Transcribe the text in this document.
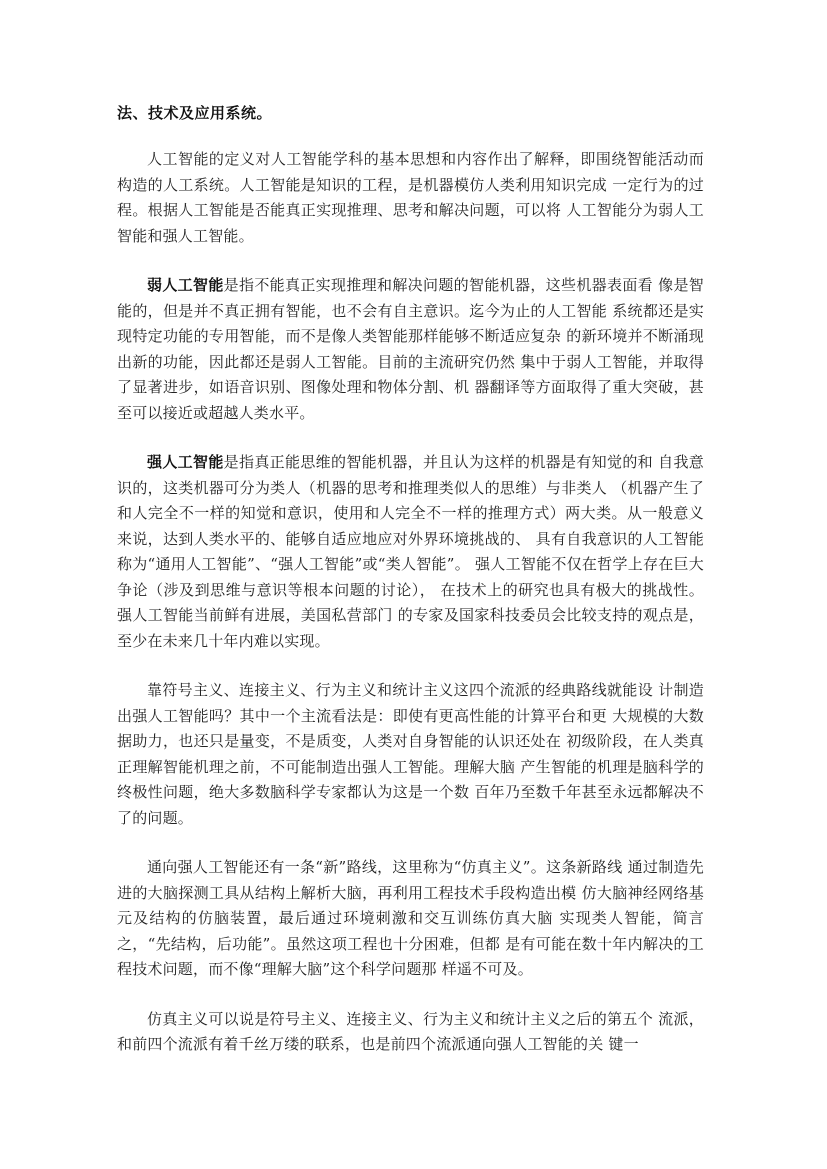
法、技术及应用系统。

人工智能的定义对人工智能学科的基本思想和内容作出了解释，即围绕智能活动而构造的人工系统。人工智能是知识的工程，是机器模仿人类利用知识完成 一定行为的过程。根据人工智能是否能真正实现推理、思考和解决问题，可以将 人工智能分为弱人工智能和强人工智能。

弱人工智能是指不能真正实现推理和解决问题的智能机器，这些机器表面看 像是智能的，但是并不真正拥有智能，也不会有自主意识。迄今为止的人工智能 系统都还是实现特定功能的专用智能，而不是像人类智能那样能够不断适应复杂 的新环境并不断涌现出新的功能，因此都还是弱人工智能。目前的主流研究仍然 集中于弱人工智能，并取得了显著进步，如语音识别、图像处理和物体分割、机 器翻译等方面取得了重大突破，甚至可以接近或超越人类水平。

强人工智能是指真正能思维的智能机器，并且认为这样的机器是有知觉的和 自我意识的，这类机器可分为类人（机器的思考和推理类似人的思维）与非类人 （机器产生了和人完全不一样的知觉和意识，使用和人完全不一样的推理方式）两大类。从一般意义来说，达到人类水平的、能够自适应地应对外界环境挑战的、 具有自我意识的人工智能称为“通用人工智能”、“强人工智能”或“类人智能”。 强人工智能不仅在哲学上存在巨大争论（涉及到思维与意识等根本问题的讨论）， 在技术上的研究也具有极大的挑战性。强人工智能当前鲜有进展，美国私营部门 的专家及国家科技委员会比较支持的观点是，至少在未来几十年内难以实现。

靠符号主义、连接主义、行为主义和统计主义这四个流派的经典路线就能设 计制造出强人工智能吗？其中一个主流看法是：即使有更高性能的计算平台和更 大规模的大数据助力，也还只是量变，不是质变，人类对自身智能的认识还处在 初级阶段，在人类真正理解智能机理之前，不可能制造出强人工智能。理解大脑 产生智能的机理是脑科学的终极性问题，绝大多数脑科学专家都认为这是一个数 百年乃至数千年甚至永远都解决不了的问题。

通向强人工智能还有一条“新”路线，这里称为“仿真主义”。这条新路线 通过制造先进的大脑探测工具从结构上解析大脑，再利用工程技术手段构造出模 仿大脑神经网络基元及结构的仿脑装置，最后通过环境刺激和交互训练仿真大脑 实现类人智能，简言之，“先结构，后功能”。虽然这项工程也十分困难，但都 是有可能在数十年内解决的工程技术问题，而不像“理解大脑”这个科学问题那 样遥不可及。

仿真主义可以说是符号主义、连接主义、行为主义和统计主义之后的第五个 流派，和前四个流派有着千丝万缕的联系，也是前四个流派通向强人工智能的关 键一
